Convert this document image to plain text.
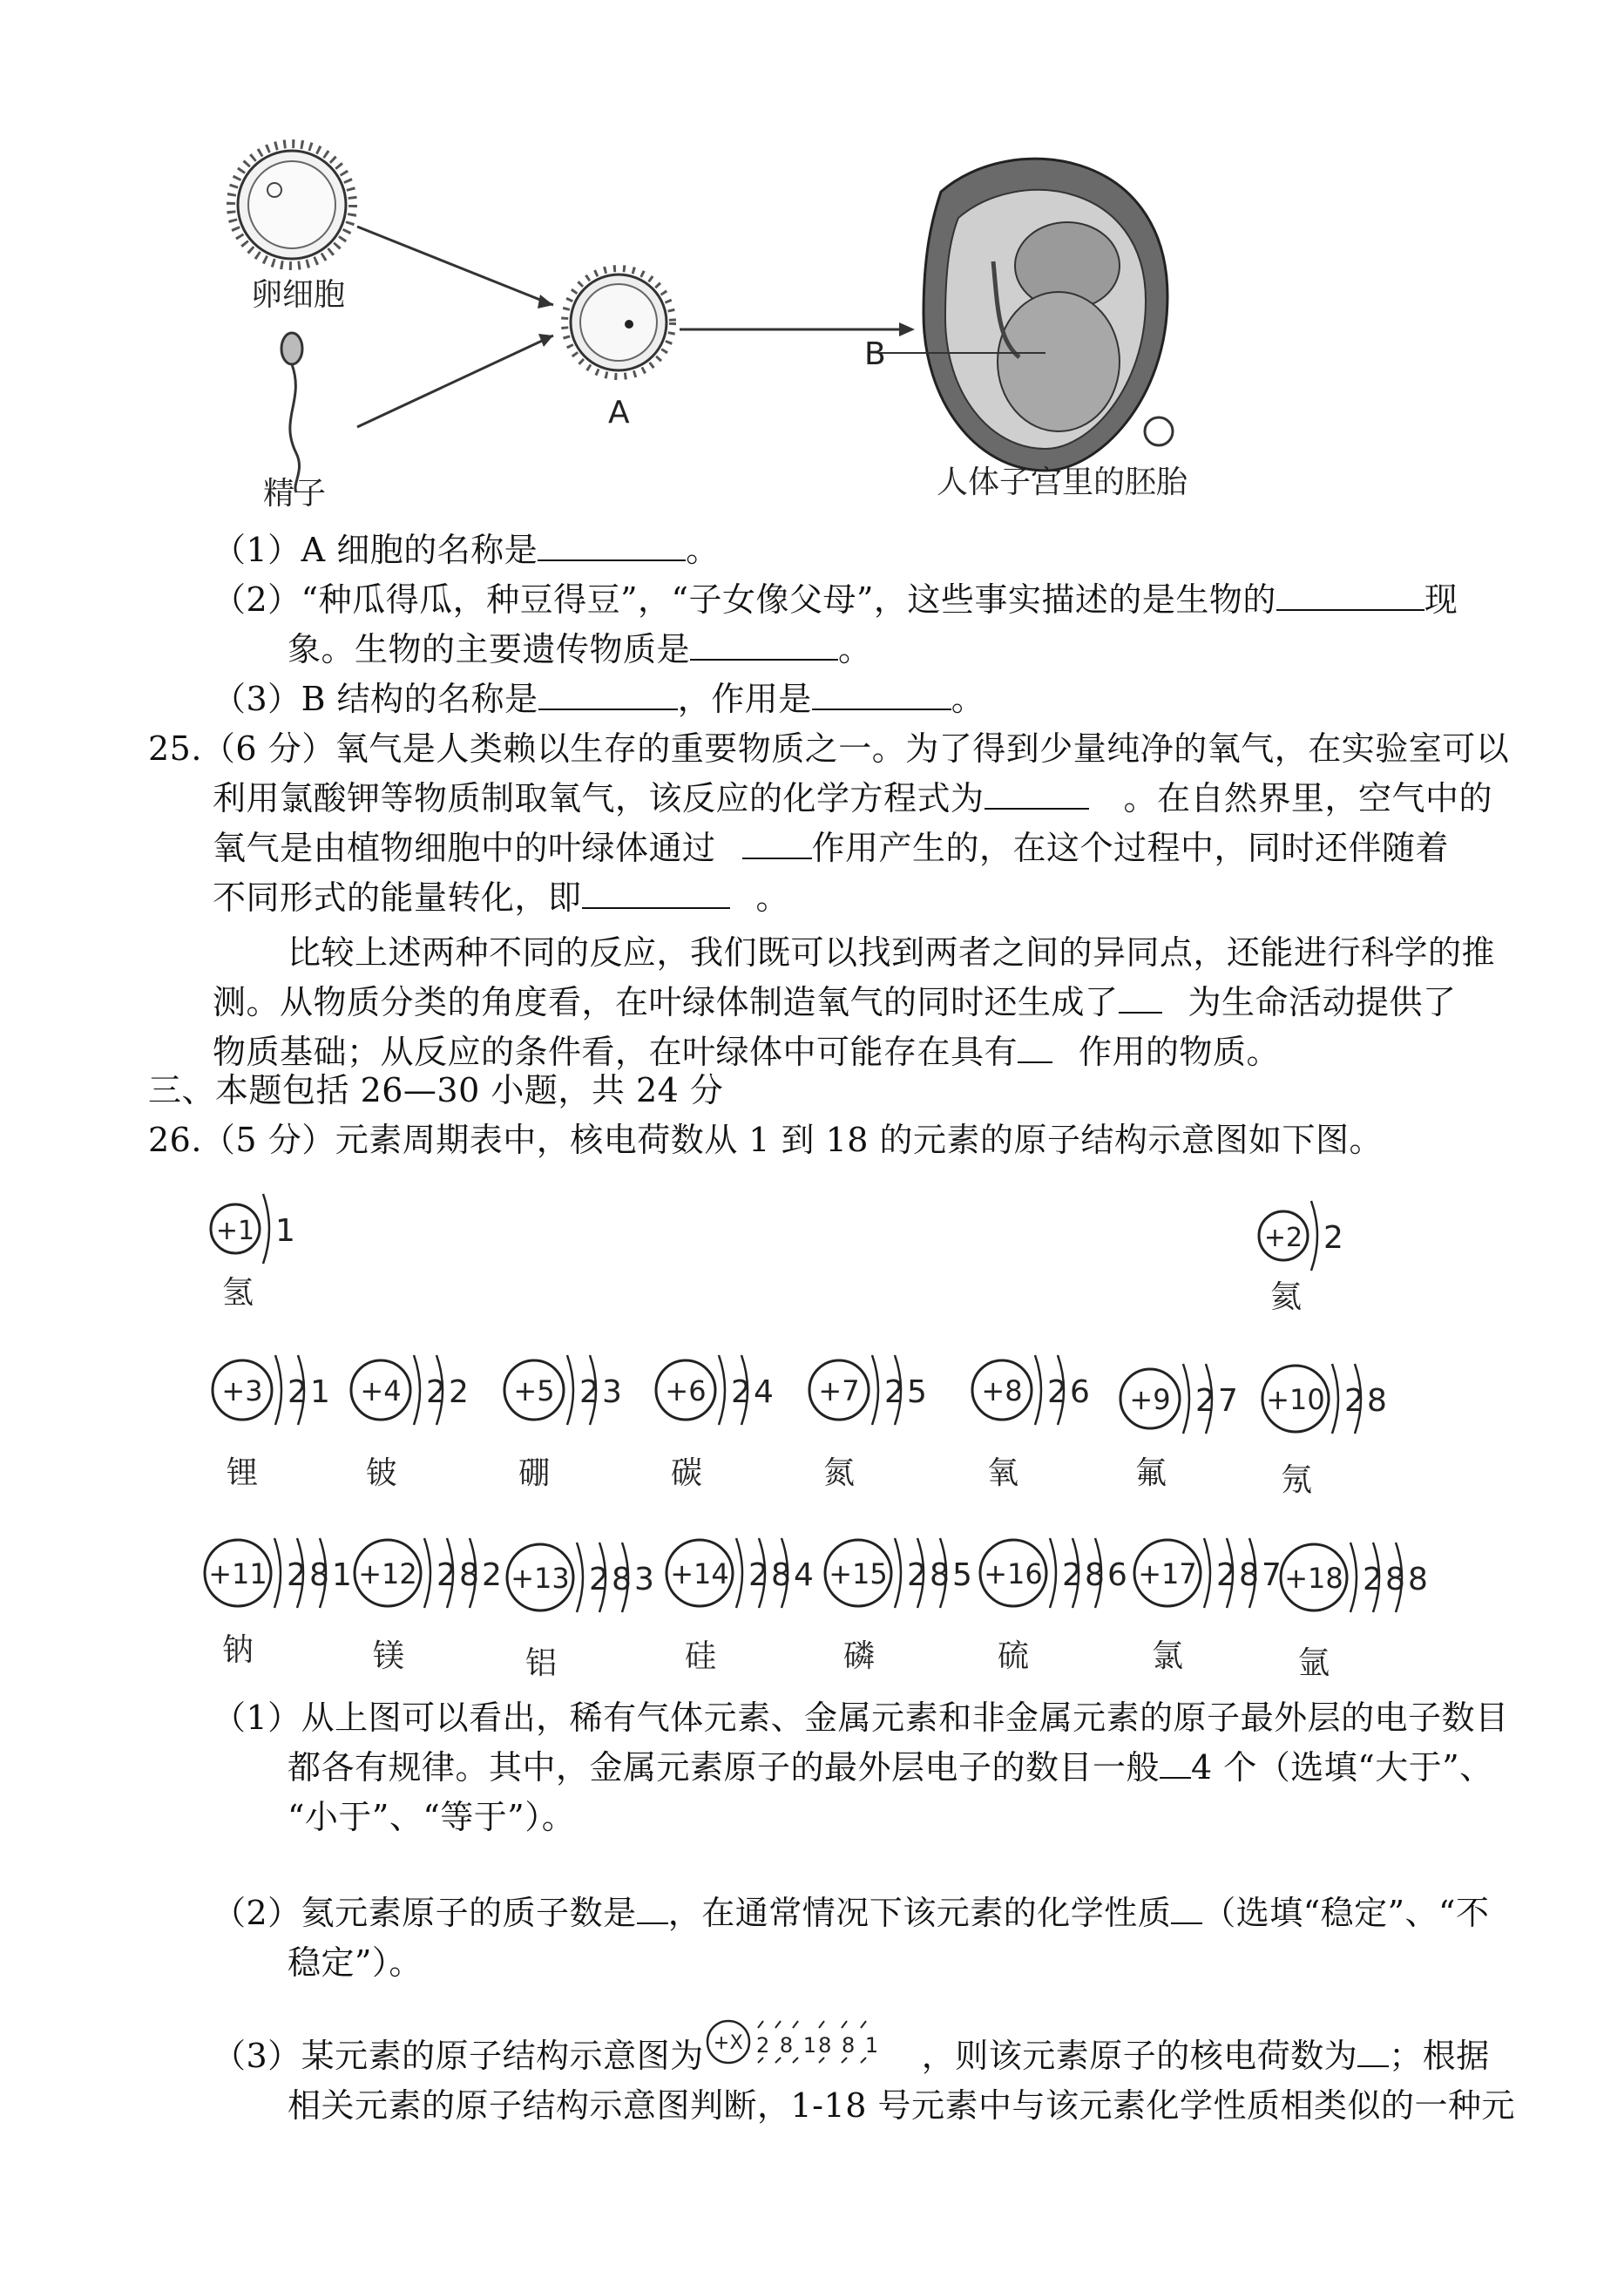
卵细胞
精子
A
B
人体子宫里的胚胎
（1）A 细胞的名称是	。
（2）“种瓜得瓜，种豆得豆”，“子女像父母”，这些事实描述的是生物的	现
象。生物的主要遗传物质是	。
（3）B 结构的名称是	，作用是	。
25.（6 分）氧气是人类赖以生存的重要物质之一。为了得到少量纯净的氧气，在实验室可以
利用氯酸钾等物质制取氧气，该反应的化学方程式为	。在自然界里，空气中的
氧气是由植物细胞中的叶绿体通过	作用产生的，在这个过程中，同时还伴随着
不同形式的能量转化，即	。
比较上述两种不同的反应，我们既可以找到两者之间的异同点，还能进行科学的推
测。从物质分类的角度看，在叶绿体制造氧气的同时还生成了 为生命活动提供了
物质基础；从反应的条件看，在叶绿体中可能存在具有 作用的物质。
三、本题包括 26—30 小题，共 24 分
26.（5 分）元素周期表中，核电荷数从 1 到 18 的元素的原子结构示意图如下图。
+1 1
氢
+2 2
氦
+3 2 1
锂
+4 2 2
铍
+5 2 3
硼
+6 2 4
碳
+7 2 5
氮
+8 2 6
氧
+9 2 7
氟
+10 2 8
氖
+11 2 8 1
钠
+12 2 8 2
镁
+13 2 8 3
铝
+14 2 8 4
硅
+15 2 8 5
磷
+16 2 8 6
硫
+17 2 8 7
氯
+18 2 8 8
氩
（1）从上图可以看出，稀有气体元素、金属元素和非金属元素的原子最外层的电子数目
都各有规律。其中，金属元素原子的最外层电子的数目一般 4 个（选填“大于”、
“小于”、“等于”）。
（2）氦元素原子的质子数是 ，在通常情况下该元素的化学性质 （选填“稳定”、“不
稳定”）。
（3）某元素的原子结构示意图为 +X 2 8 18 8 1 ，则该元素原子的核电荷数为 ；根据
相关元素的原子结构示意图判断，1-18 号元素中与该元素化学性质相类似的一种元
